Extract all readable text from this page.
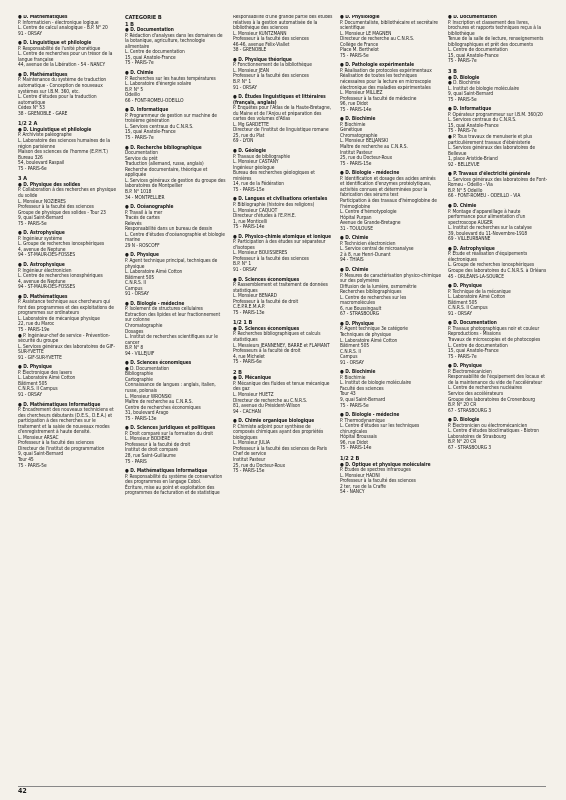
● D. Mathématiques

P. Informaticien - électronique logique
L. Centre de calcul analogique - B.P. N° 20
91 - ORSAY

● D. Linguistique et philologie

P. Responsabilité de l'unité phonétique
L. Centre de recherches pour un trésor de la langue française
44, avenue de la Libération - 54 - NANCY

● D. Mathématiques

P. Maintenance du système de traduction automatique - Conception de nouveaux systèmes sur I.B.M. 360, etc.
L. Centre d'études pour la traduction automatique
Cédex N° 53
38 - GRENOBLE - GARE

1/2 2 A

● D. Linguistique et philologie

P. Archiviste paléographe
L. Laboratoire des sciences humaines de la région parisienne
Maison des sciences de l'homme (E.P.H.T.)
Bureau 326
54, boulevard Raspail
75 - PARIS-6e

3 A

● D. Physique des solides

P. Collaboration à des recherches en physique du solide
L. Monsieur NOZIERES
Professeur à la faculté des sciences
Groupe de physique des solides - Tour 23
9, quai Saint-Bernard
75 - PARIS-5e

● D. Astrophysique

P. Ingénieur système
L. Groupe de recherches ionosphériques
4, avenue de Neptune
94 - ST-MAUR-DES-FOSSES

● D. Astrophysique

P. Ingénieur électronicien
L. Centre de recherches ionosphériques
4, avenue de Neptune
94 - ST-MAUR-DES-FOSSES

● D. Mathématiques

P. Assistance technique aux chercheurs qui font des programmes et des exploitations de programmes sur ordinateurs
L. Laboratoire de mécanique physique
22, rue du Maroc
75 - PARIS-19e
● P. Ingénieur-chef de service - Prévention-sécurité du groupe
L. Services généraux des laboratoires de GIF-SUR-YVETTE
91 - GIF-SUR-YVETTE

● D. Physique

P. Électronique des lasers
L. Laboratoire Aimé Cotton
Bâtiment 505
C.N.R.S. II Campus
91 - ORSAY

● D. Mathématiques Informatique

P. Encadrement des nouveaux techniciens et des chercheurs débutants (D.E.S., D.E.A.) et participation à des recherches sur le traitement et la saisie de nouveaux modes d'enregistrement à haute densité.
L. Monsieur ARSAC
Professeur à la faculté des sciences
Directeur de l'institut de programmation
9, quai Saint-Bernard
Tour 45
75 - PARIS-5e

CATEGORIE B
1 B

● D. Documentation

P. Rédaction d'analyses dans les domaines de la botanique, agriculture, technologie alimentaire
L. Centre de documentation
15, quai Anatole-France
75 - PARIS-7e

● D. Chimie

P. Recherches sur les hautes températures
L. Laboratoire d'énergie solaire
B.P. N° 5
Odeillo
66 - FONT-ROMEU-ODEILLO

● D. Informatique

P. Programmeur de gestion sur machine de troisième génération
L. Services centraux du C.N.R.S.
15, quai Anatole-France
75 - PARIS-7e

● D. Recherche bibliographique

Documentation
Service du prêt
Traduction (allemand, russe, anglais)
Recherche documentaire, théorique et appliquée
L. Services généraux de gestion du groupe des laboratoires de Montpellier
B.P. N° 1018
34 - MONTPELLIER

● D. Océanographie

P. Travail à la mer
Tracés de cartes
Relevés
Responsabilité dans un bureau de dessin
L. Centre d'études d'océanographie et biologie marine
29 N - ROSCOFF

● D. Physique

P. Agent technique principal, techniques de physique
L. Laboratoire Aimé Cotton
Bâtiment 505
C.N.R.S. II
Campus
91 - ORSAY

● D. Biologie - médecine

P. Isolement de structures cellulaires
Extraction des lipides et leur fractionnement sur colonne
Chromatographie
Dosages
L. Institut de recherches scientifiques sur le cancer
B.P. N° 8
94 - VILLEJUIF

● D. Sciences économiques

● D. Documentation
Bibliographie
Cartographie
Connaissance de langues : anglais, italien, russe, polonais
L. Monsieur WRONSKI
Maître de recherche au C.N.R.S.
Centre de recherches économiques
31, boulevard Arago
75 - PARIS-13e

● D. Sciences juridiques et politiques

P. Droit comparé sur la formation du droit
L. Monsieur BODIERE
Professeur à la faculté de droit
Institut de droit comparé
28, rue Saint-Guillaume
75 - PARIS

● D. Mathématiques Informatique

P. Responsabilité du système de conservation des programmes en langage Cobol.
Écriture, mise au point et exploitation des programmes de facturation et de statistique

Responsabilité d'une grande partie des études relatives à la gestion automatisée de la bibliothèque des sciences
L. Monsieur KUNTZMANN
Professeur à la faculté des sciences
46-46, avenue Félix-Viallet
38 - GRENOBLE

● D. Physique théorique

P. Fonctionnement de la bibliothèque
L. Monsieur JEAN
Professeur à la faculté des sciences
B.P. N° 1
91 - ORSAY

● D. Études linguistiques et littéraires (français, anglais)

P. Enquêtes pour l'Atlas de la Haute-Bretagne, du Maine et de l'Anjou et préparation des cartes des volumes d'Atlas
L. Mg GARDETTE
Directeur de l'institut de linguistique romane
25, rue du Plat
69 - LYON

● D. Géologie

P. Travaux de bibliographie
L. Monsieur CASTANY
Ingénieur géologue
Bureau des recherches géologiques et minières
14, rue de la Fédération
75 - PARIS-15e

● D. Langues et civilisations orientales

P. Bibliographie (histoire des religions)
L. Monsieur CAQUOT
Directeur d'études à l'E.P.H.E.
1, rue Monticelli
75 - PARIS-14e

● D. Physico-chimie atomique et ionique

P. Participation à des études sur séparateur d'isotopes
L. Monsieur BOUISSIERES
Professeur à la faculté des sciences
B.P. N° 1
91 - ORSAY

● D. Sciences économiques

P. Rassemblement et traitement de données statistiques
L. Monsieur BENARD
Professeur à la faculté de droit
C.E.P.R.E.M.A.P.
75 - PARIS-13e

1/2 1 B

● D. Sciences économiques

P. Recherches bibliographiques et calculs statistiques
L. Messieurs JEANNENEY, BARRE et FLAMANT
Professeurs à la faculté de droit
4, rue Michelet
75 - PARIS-6e

2 B

● D. Mécanique

P. Mécanique des fluides et tenue mécanique des gaz
L. Monsieur HUETZ
Directeur de recherche au C.N.R.S.
81, avenue du Président-Wilson
94 - CACHAN

● D. Chimie organique biologique

P. Chimiste adjoint pour synthèse de composés chimiques ayant des propriétés biologiques
L. Monsieur JULIA
Professeur à la faculté des sciences de Paris
Chef de service
Institut Pasteur
25, rue du Docteur-Roux
75 - PARIS-15e

● D. Physiologie

P. Documentaliste, bibliothécaire et secrétaire scientifique
L. Monsieur LE MAGNEN
Directeur de recherche au C.N.R.S.
Collège de France
Place M. Berthelot
75 - PARIS-5e

● D. Pathologie expérimentale

P. Réalisation de protocoles expérimentaux
Réalisation de toutes les techniques nécessaires pour la lecture en microscopie électronique des maladies expérimentales
L. Monsieur MILLIEZ
Professeur à la faculté de médecine
96, rue Didot
75 - PARIS-14e

● D. Biochimie

P. Biochimie
Génétique
Chromatographie
L. Monsieur BELJANSKI
Maître de recherche au C.N.R.S.
Institut Pasteur
25, rue du Docteur-Roux
75 - PARIS-15e

● D. Biologie - médecine

P. Identification et dosage des acides aminés et identification d'enzymes protéolytiques, activités connues et déterminées pour la fabrication des sérums test
Participation à des travaux d'hémoglobine de l'hémoglobine
L. Centre d'hémotypologie
Hôpital Purpan
Avenue de Grande-Bretagne
31 - TOULOUSE

● D. Chimie

P. Technicien électronicien
L. Service central de microanalyse
2 à 8, rue Henri-Dunant
94 - THIAIS

● D. Chimie

P. Mesures de caractérisation physico-chimique sur des polymères
Diffusion de la lumière, osmométrie
Recherches bibliographiques
L. Centre de recherches sur les macromolécules
6, rue Boussingault
67 - STRASBOURG

● D. Physique

P. Agent technique 3e catégorie
Techniques de physique
L. Laboratoire Aimé Cotton
Bâtiment 505
C.N.R.S. II
Campus
91 - ORSAY

● D. Biochimie

P. Biochimie
L. Institut de biologie moléculaire
Faculté des sciences
Tour 43
9, quai Saint-Bernard
75 - PARIS-5e

● D. Biologie - médecine

P. Thermodynamique
L. Centre d'études sur les techniques chirurgicales
Hôpital Broussais
96, rue Didot
75 - PARIS-14e

1/2 2 B

● D. Optique et physique moléculaire

P. Études de spectres infrarouges
L. Monsieur HADNI
Professeur à la faculté des sciences
2 ter, rue de la Craffe
54 - NANCY

● D. Documentation

P. Inscription et classement des livres, brochures et rapports techniques reçus à la bibliothèque
Tenue de la salle de lecture, renseignements bibliographiques et prêt des documents
L. Centre de documentation
15, quai Anatole-France
75 - PARIS-7e

3 B

● D. Biologie

● D. Biochimie
L. Institut de biologie moléculaire
9, quai Saint-Bernard
75 - PARIS-5e

● D. Informatique

P. Opérateur programmeur sur I.B.M. 360/20
L. Services centraux du C.N.R.S.
15, quai Anatole-France
75 - PARIS-7e
● P. Tous travaux de menuiserie et plus particulièrement travaux d'ébénisterie
L. Services généraux des laboratoires de Bellevue
1, place Aristide-Briand
92 - BELLEVUE

● P. Travaux d'électricité générale

L. Services généraux des laboratoires de Font-Romeu - Odeillo - Via
B.P. N° 5 Odeillo
66 - FONT-ROMEU - ODEILLO - VIA

● D. Chimie

P. Montage d'appareillage à haute performance pour alimentation d'un spectroscope AUGER
L. Institut de recherches sur la catalyse
39, boulevard du 11-Novembre-1918
69 - VILLEURBANNE

● D. Astrophysique

P. Étude et réalisation d'équipements électroniques
L. Groupe de recherches ionosphériques
Groupe des laboratoires du C.N.R.S. à Orléans
45 - ORLÉANS-LA-SOURCE

● D. Physique

P. Technique de la mécanique
L. Laboratoire Aimé Cotton
Bâtiment 505
C.N.R.S. II Campus
91 - ORSAY

● D. Documentation

P. Travaux photographiques noir et couleur
Reproductions - Missions
Travaux de microscopies et de photocopies
L. Centre de documentation
15, quai Anatole-France
75 - PARIS-7e

● D. Physique

P. Électromécanicien
Responsabilité de l'équipement des locaux et de la maintenance du vide de l'accélérateur
L. Centre de recherches nucléaires
Service des accélérateurs
Groupe des laboratoires de Cronenbourg
B.P. N° 20 CR
67 - STRASBOURG 3

● D. Biologie

P. Électronicien ou électromécanicien
L. Centre d'études bioclimatiques - Biotron
Laboratoires de Strasbourg
B.P. N° 20 CR
67 - STRASBOURG 3

42
